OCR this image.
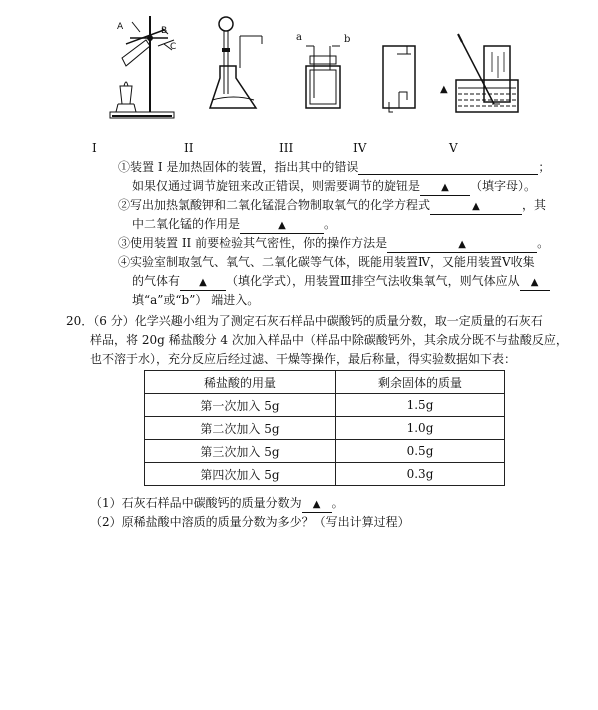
A	B
C
a	b
▲
I	II	III	IV	V
①装置 I 是加热固体的装置，指出其中的错误	；
如果仅通过调节旋钮来改正错误，则需要调节的旋钮是 ▲ （填字母）。
②写出加热氯酸钾和二氧化锰混合物制取氧气的化学方程式	▲	，其
中二氧化锰的作用是	▲	。
③使用装置 II 前要检验其气密性，你的操作方法是	▲	。
④实验室制取氢气、氧气、二氧化碳等气体，既能用装置Ⅳ，又能用装置Ⅴ收集
的气体有 ▲ （填化学式），用装置Ⅲ排空气法收集氧气，则气体应从 ▲
填“a”或“b”） 端进入。
20．（6 分）化学兴趣小组为了测定石灰石样品中碳酸钙的质量分数，取一定质量的石灰石
样品，将 20g 稀盐酸分 4 次加入样品中（样品中除碳酸钙外，其余成分既不与盐酸反应，
也不溶于水），充分反应后经过滤、干燥等操作，最后称量，得实验数据如下表：
稀盐酸的用量	剩余固体的质量
第一次加入 5g	1.5g
第二次加入 5g	1.0g
第三次加入 5g	0.5g
第四次加入 5g	0.3g
（1）石灰石样品中碳酸钙的质量分数为 ▲ 。
（2）原稀盐酸中溶质的质量分数为多少？（写出计算过程）
